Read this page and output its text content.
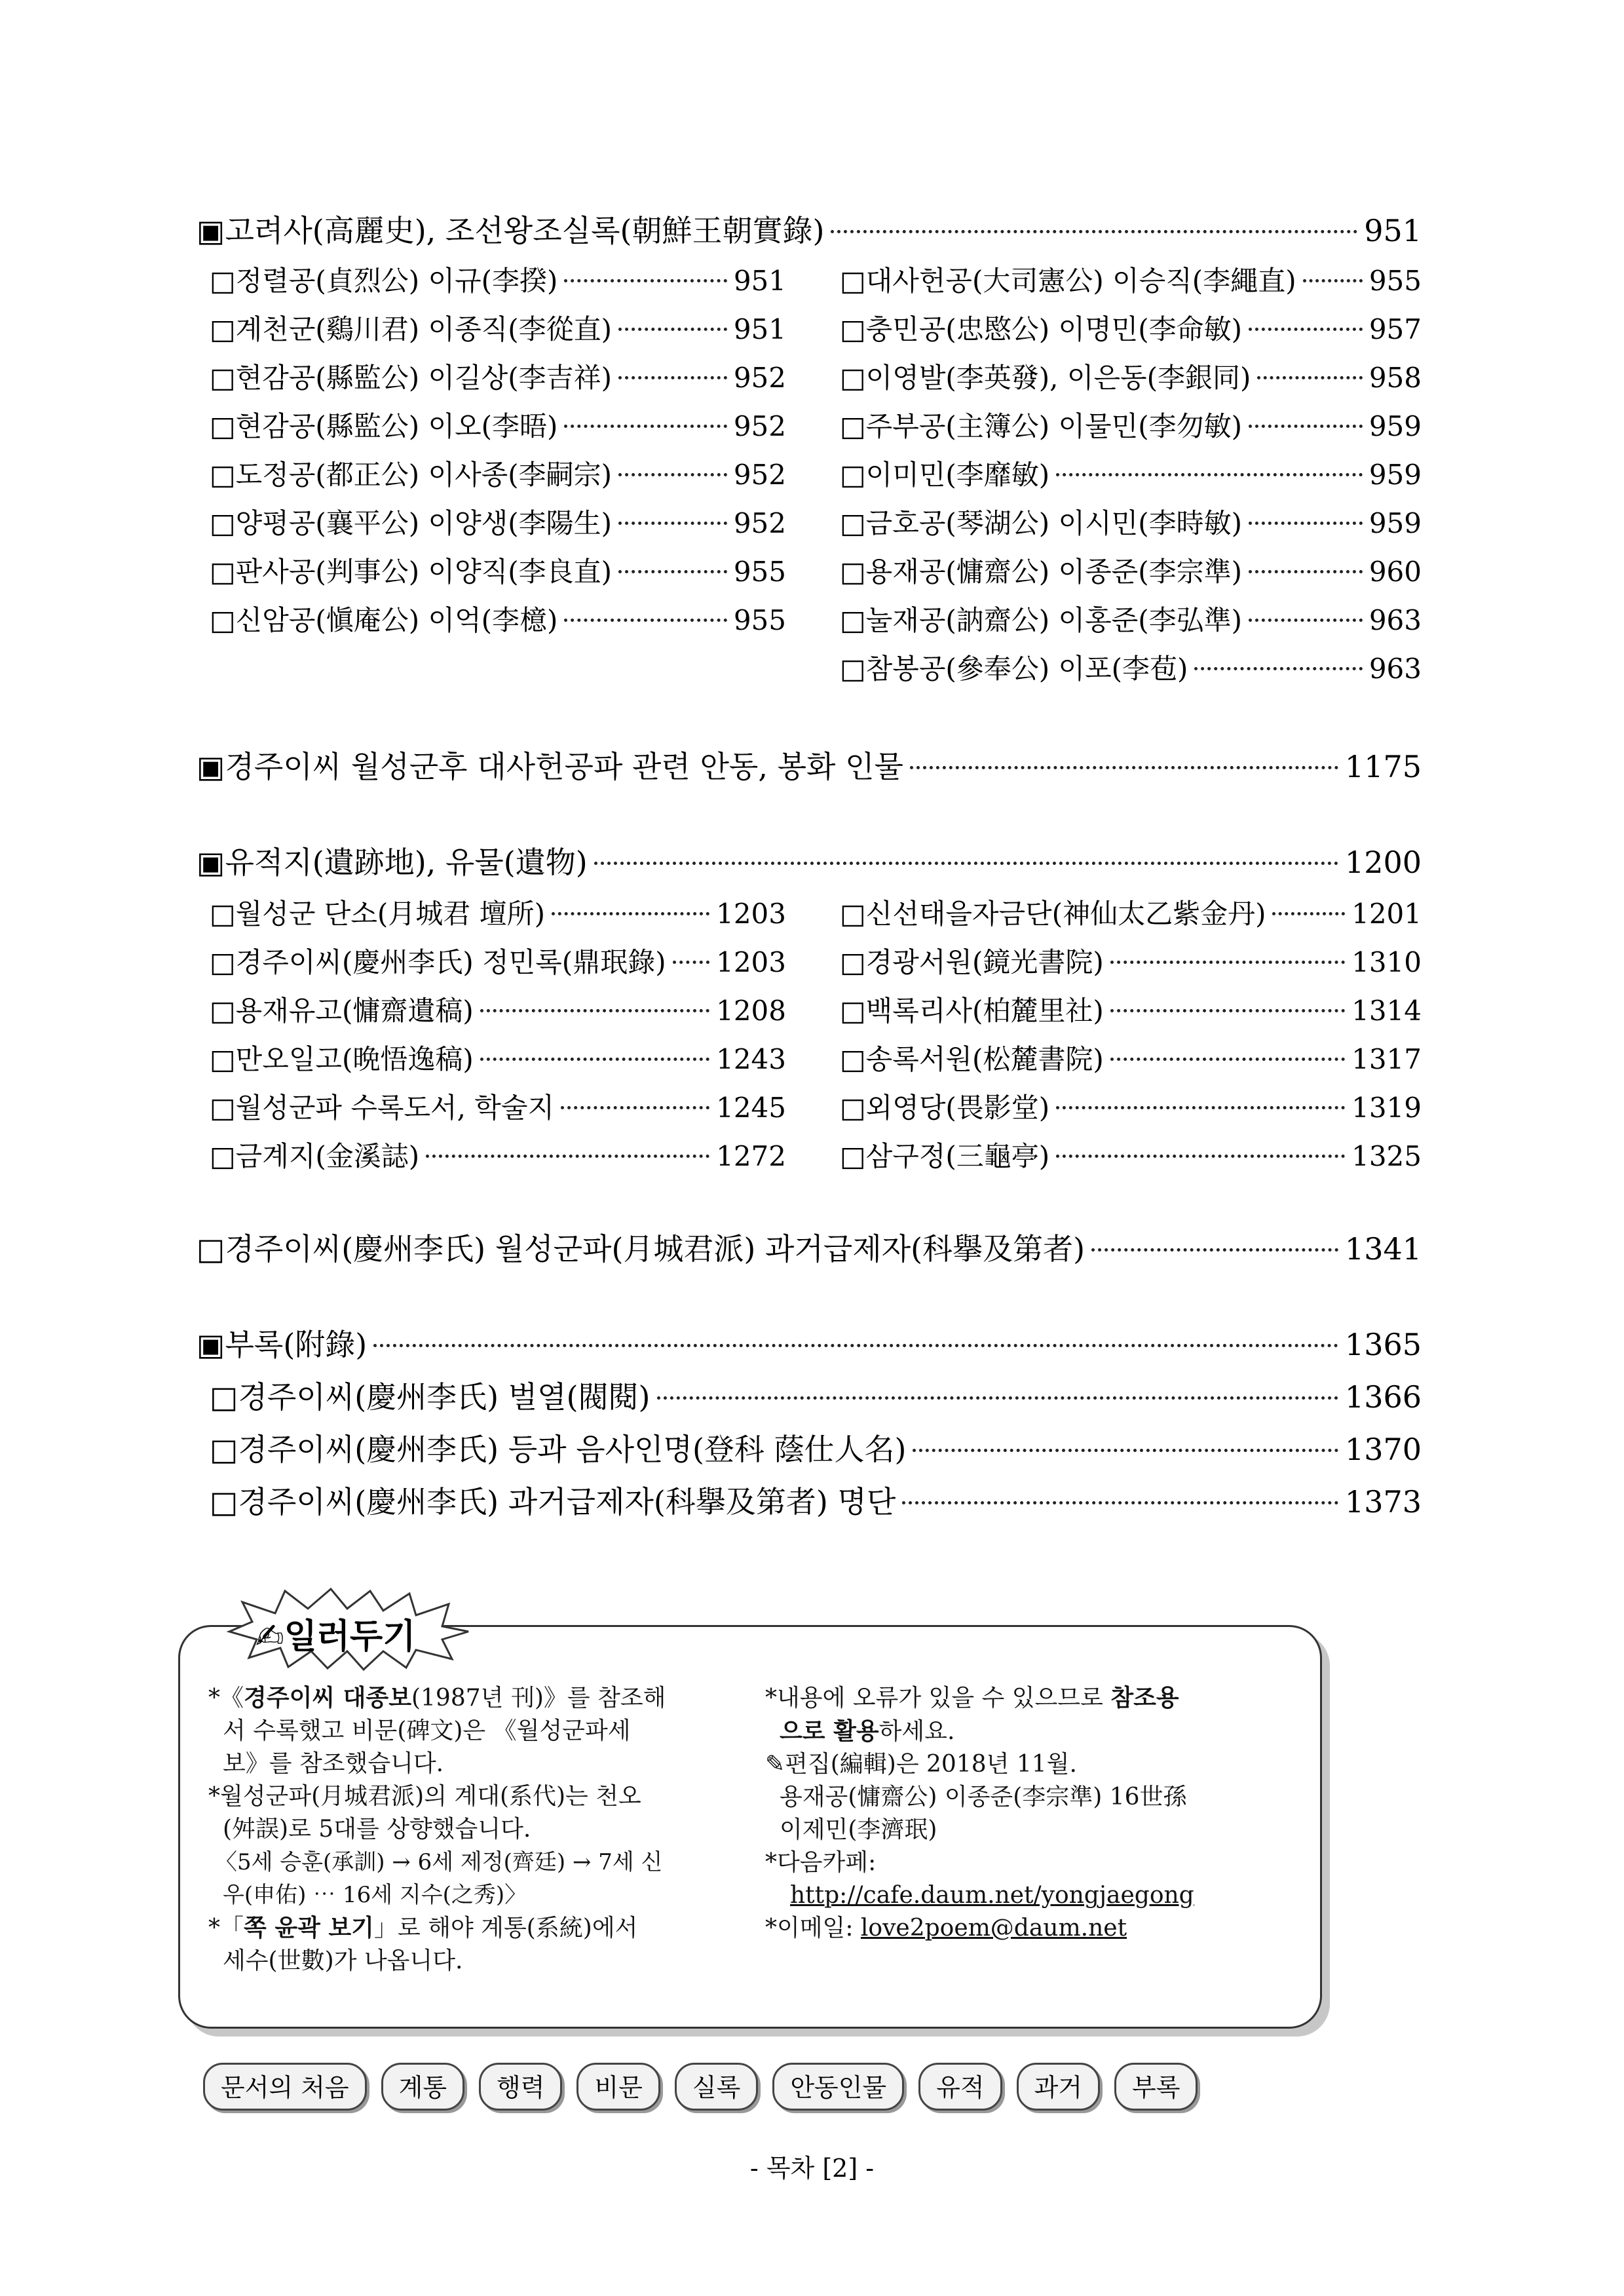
▣고려사(高麗史), 조선왕조실록(朝鮮王朝實錄)	951
□정렬공(貞烈公) 이규(李揆)	951
□계천군(鷄川君) 이종직(李從直)	951
□현감공(縣監公) 이길상(李吉祥)	952
□현감공(縣監公) 이오(李晤)	952
□도정공(都正公) 이사종(李嗣宗)	952
□양평공(襄平公) 이양생(李陽生)	952
□판사공(判事公) 이양직(李良直)	955
□신암공(愼庵公) 이억(李檍)	955
□대사헌공(大司憲公) 이승직(李繩直)	955
□충민공(忠愍公) 이명민(李命敏)	957
□이영발(李英發), 이은동(李銀同)	958
□주부공(主簿公) 이물민(李勿敏)	959
□이미민(李靡敏)	959
□금호공(琴湖公) 이시민(李時敏)	959
□용재공(慵齋公) 이종준(李宗準)	960
□눌재공(訥齋公) 이홍준(李弘準)	963
□참봉공(參奉公) 이포(李苞)	963
▣경주이씨 월성군후 대사헌공파 관련 안동, 봉화 인물	1175
▣유적지(遺跡地), 유물(遺物)	1200
□월성군 단소(月城君 壇所)	1203
□경주이씨(慶州李氏) 정민록(鼎珉錄) 1203
□용재유고(慵齋遺稿)	1208
□만오일고(晩悟逸稿)	1243
□월성군파 수록도서, 학술지	1245
□금계지(金溪誌)	1272
□신선태을자금단(神仙太乙紫金丹)	1201
□경광서원(鏡光書院)	1310
□백록리사(柏麓里社)	1314
□송록서원(松麓書院)	1317
□외영당(畏影堂)	1319
□삼구정(三龜亭)	1325
□경주이씨(慶州李氏) 월성군파(月城君派) 과거급제자(科擧及第者)	1341
▣부록(附錄)	1365
□경주이씨(慶州李氏) 벌열(閥閱)	1366
□경주이씨(慶州李氏) 등과 음사인명(登科 蔭仕人名)	1370
□경주이씨(慶州李氏) 과거급제자(科擧及第者) 명단	1373
✍일러두기
*《경주이씨 대종보(1987년 刊)》를 참조해
서 수록했고 비문(碑文)은 《월성군파세
보》를 참조했습니다.
*월성군파(月城君派)의 계대(系代)는 천오
(舛誤)로 5대를 상향했습니다.
〈5세 승훈(承訓) → 6세 제정(齊廷) → 7세 신
우(申佑) ⋯ 16세 지수(之秀)〉
*「쪽 윤곽 보기」로 해야 계통(系統)에서
세수(世數)가 나옵니다.
*내용에 오류가 있을 수 있으므로 참조용
으로 활용하세요.
✎편집(編輯)은 2018년 11월.
용재공(慵齋公) 이종준(李宗準) 16世孫
이제민(李濟珉)
*다음카페:
http://cafe.daum.net/yongjaegong
*이메일: love2poem@daum.net
문서의 처음	계통	행력	비문	실록	안동인물	유적	과거	부록
- 목차 [2] -
